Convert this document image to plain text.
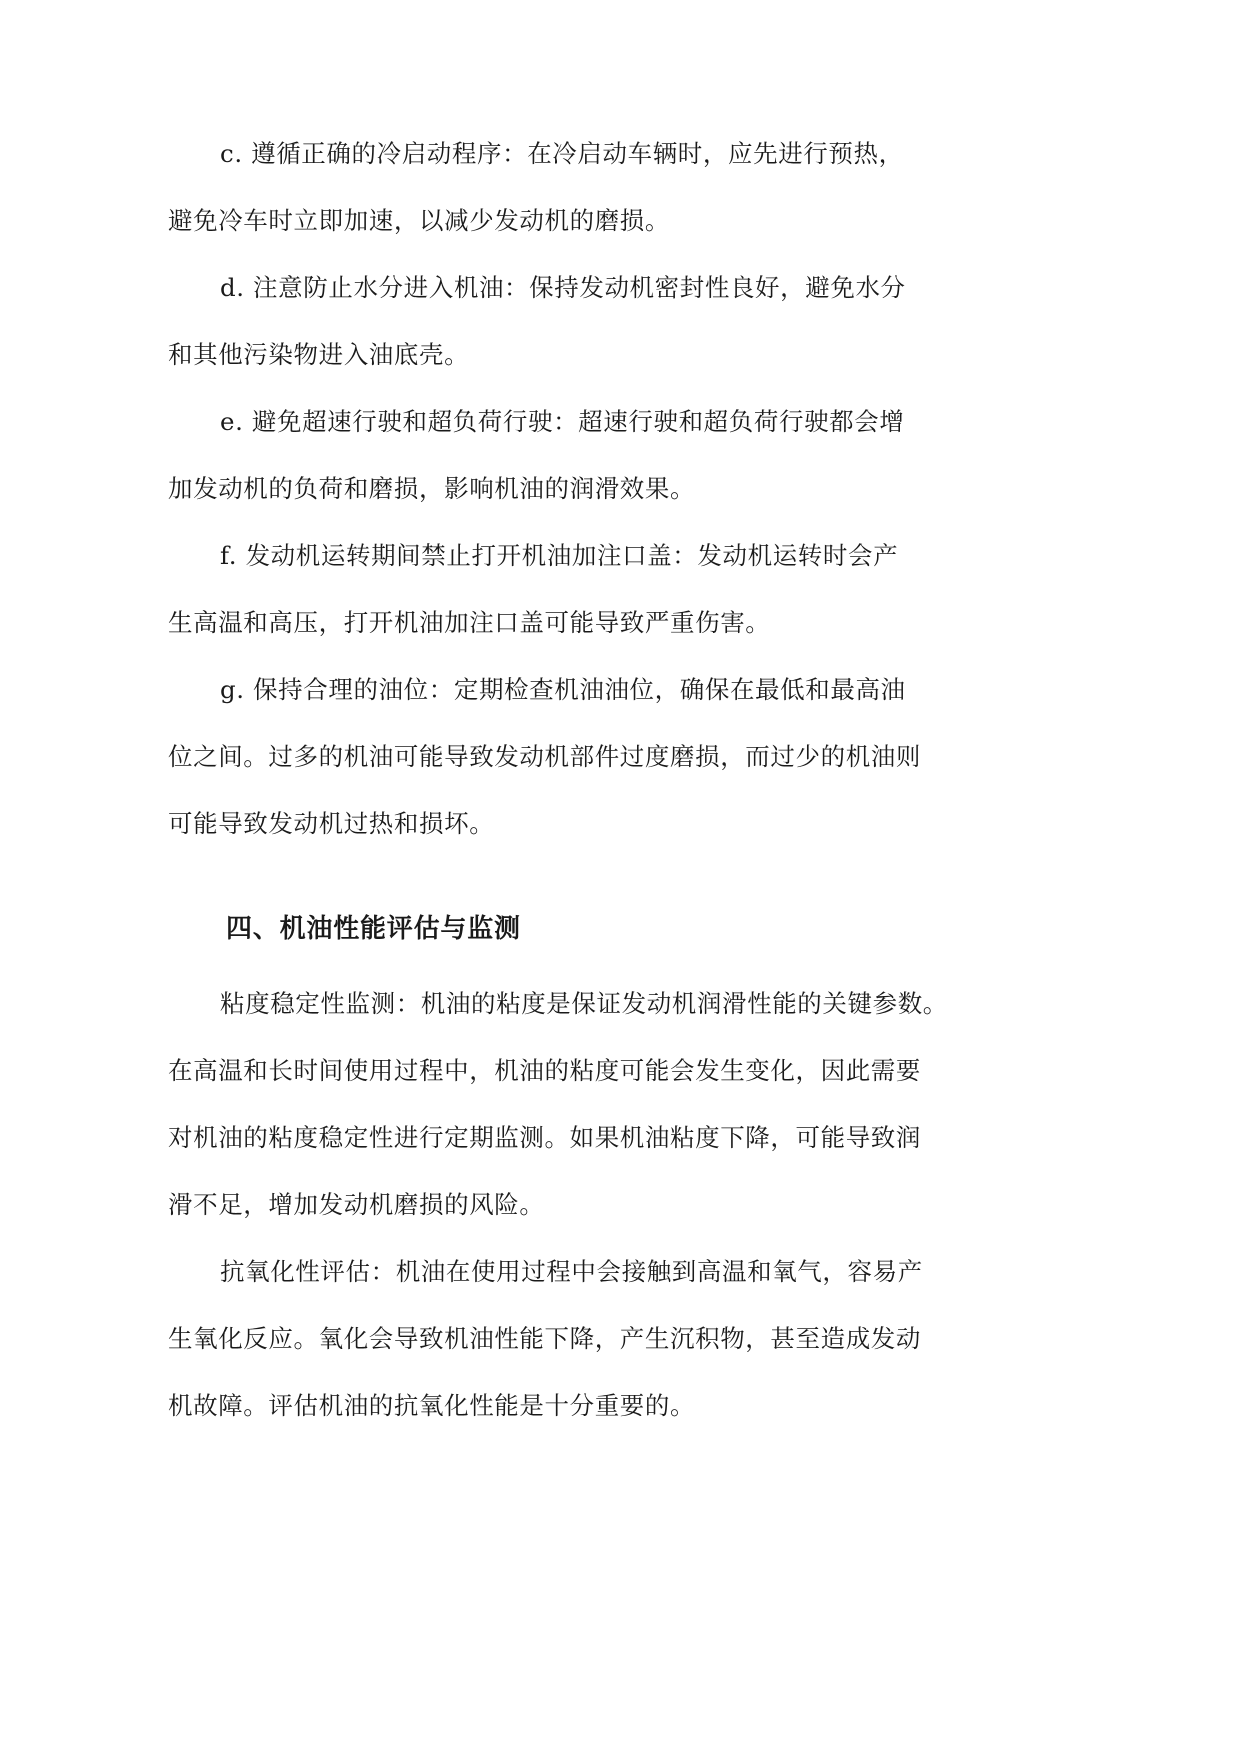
c. 遵循正确的冷启动程序：在冷启动车辆时，应先进行预热，
避免冷车时立即加速，以减少发动机的磨损。
d. 注意防止水分进入机油：保持发动机密封性良好，避免水分
和其他污染物进入油底壳。
e. 避免超速行驶和超负荷行驶：超速行驶和超负荷行驶都会增
加发动机的负荷和磨损，影响机油的润滑效果。
f. 发动机运转期间禁止打开机油加注口盖：发动机运转时会产
生高温和高压，打开机油加注口盖可能导致严重伤害。
g. 保持合理的油位：定期检查机油油位，确保在最低和最高油
位之间。过多的机油可能导致发动机部件过度磨损，而过少的机油则
可能导致发动机过热和损坏。
四、机油性能评估与监测
粘度稳定性监测：机油的粘度是保证发动机润滑性能的关键参数。
在高温和长时间使用过程中，机油的粘度可能会发生变化，因此需要
对机油的粘度稳定性进行定期监测。如果机油粘度下降，可能导致润
滑不足，增加发动机磨损的风险。
抗氧化性评估：机油在使用过程中会接触到高温和氧气，容易产
生氧化反应。氧化会导致机油性能下降，产生沉积物，甚至造成发动
机故障。评估机油的抗氧化性能是十分重要的。
